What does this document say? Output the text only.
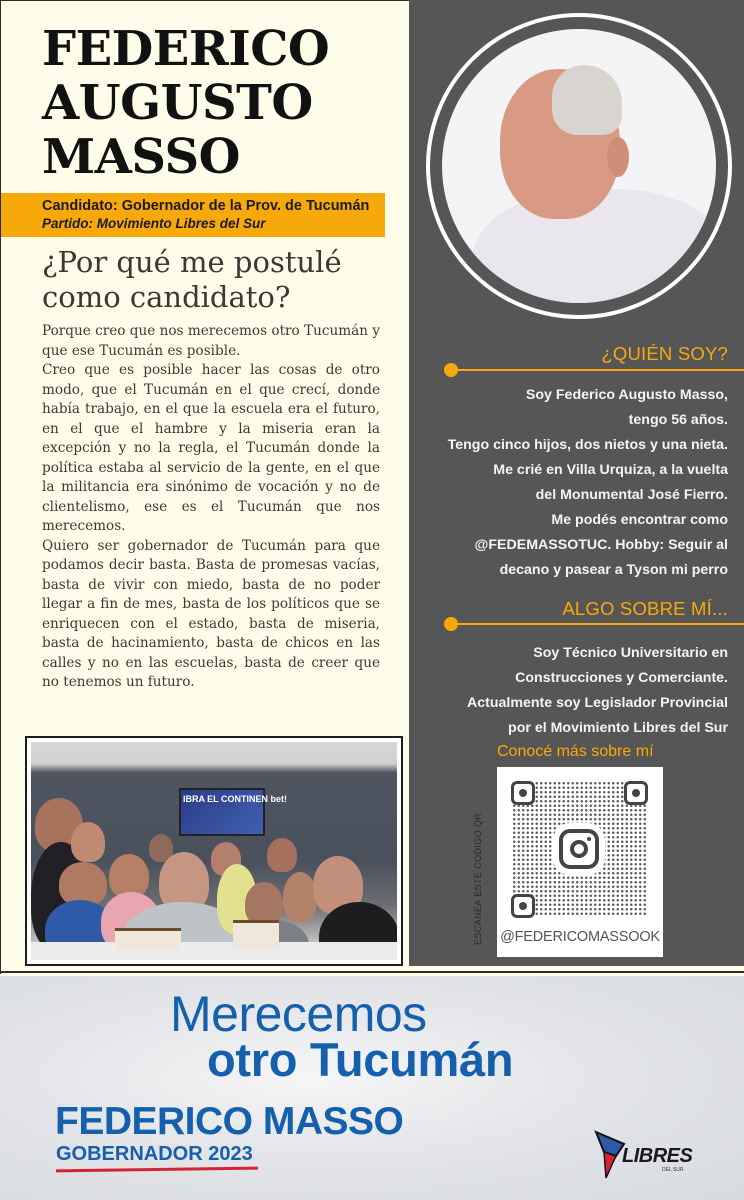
FEDERICO
AUGUSTO
MASSO
Candidato: Gobernador de la Prov. de Tucumán
Partido: Movimiento Libres del Sur
¿Por qué me postulé como candidato?

Porque creo que nos merecemos otro Tucumán y que ese Tucumán es posible.

Creo que es posible hacer las cosas de otro modo, que el Tucumán en el que crecí, donde había trabajo, en el que la escuela era el futuro, en el que el hambre y la miseria eran la excepción y no la regla, el Tucumán donde la política estaba al servicio de la gente, en el que la militancia era sinónimo de vocación y no de clientelismo, ese es el Tucumán que nos merecemos.

Quiero ser gobernador de Tucumán para que podamos decir basta. Basta de promesas vacías, basta de vivir con miedo, basta de no poder llegar a fin de mes, basta de los políticos que se enriquecen con el estado, basta de miseria, basta de hacinamiento, basta de chicos en las calles y no en las escuelas, basta de creer que no tenemos un futuro.

IBRA EL CONTINEN bet!
¿QUIÉN SOY?
Soy Federico Augusto Masso,
tengo 56 años.
Tengo cinco hijos, dos nietos y una nieta.
Me crié en Villa Urquiza, a la vuelta
del Monumental José Fierro.
Me podés encontrar como
@FEDEMASSOTUC. Hobby: Seguir al
decano y pasear a Tyson mi perro
ALGO SOBRE MÍ...
Soy Técnico Universitario en
Construcciones y Comerciante.
Actualmente soy Legislador Provincial
por el Movimiento Libres del Sur
Conocé más sobre mí
ESCANEA ESTE CODIGO QR @FEDERICOMASSOOK
Merecemos
otro Tucumán
FEDERICO MASSO
GOBERNADOR 2023	LIBRES
DEL SUR
